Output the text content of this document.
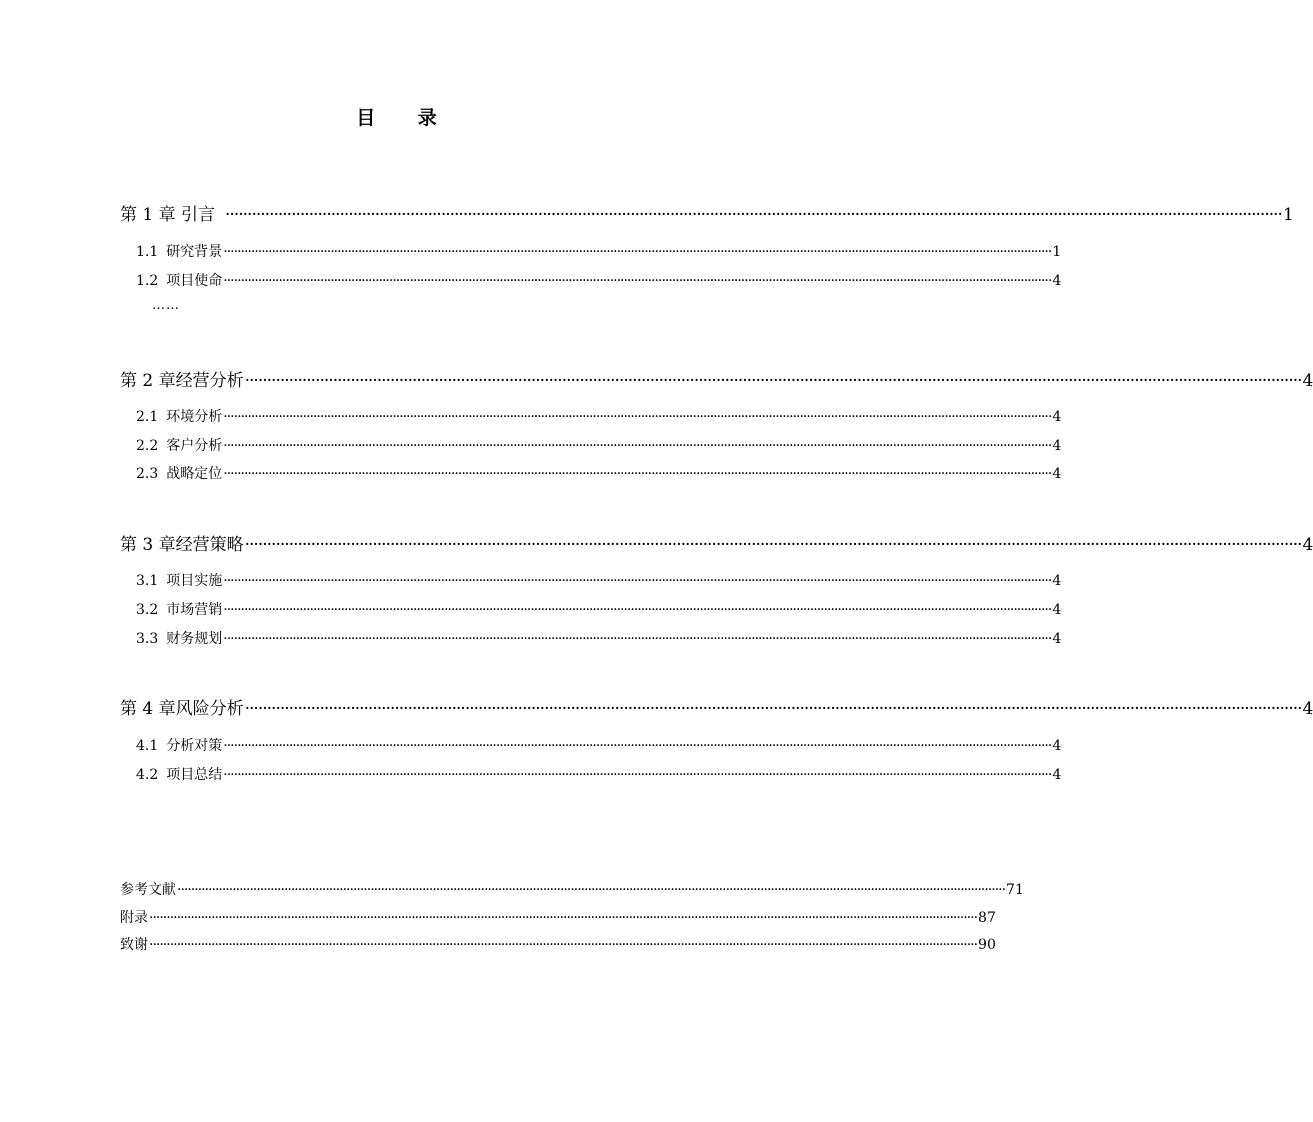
目 录
第 1 章 引言 ················································································································································································································································ 1
1.1 研究背景 ················································································································································································································································ 1
1.2 项目使命 ················································································································································································································································ 4
……
第 2 章经营分析 ················································································································································································································································ 4
2.1 环境分析 ················································································································································································································································ 4
2.2 客户分析 ················································································································································································································································ 4
2.3 战略定位 ················································································································································································································································ 4
第 3 章经营策略 ················································································································································································································································ 4
3.1 项目实施 ················································································································································································································································ 4
3.2 市场营销 ················································································································································································································································ 4
3.3 财务规划 ················································································································································································································································ 4
第 4 章风险分析 ················································································································································································································································ 4
4.1 分析对策 ················································································································································································································································ 4
4.2 项目总结 ················································································································································································································································ 4
参考文献 ················································································································································································································································ 71
附录 ················································································································································································································································ 87
致谢 ················································································································································································································································ 90
